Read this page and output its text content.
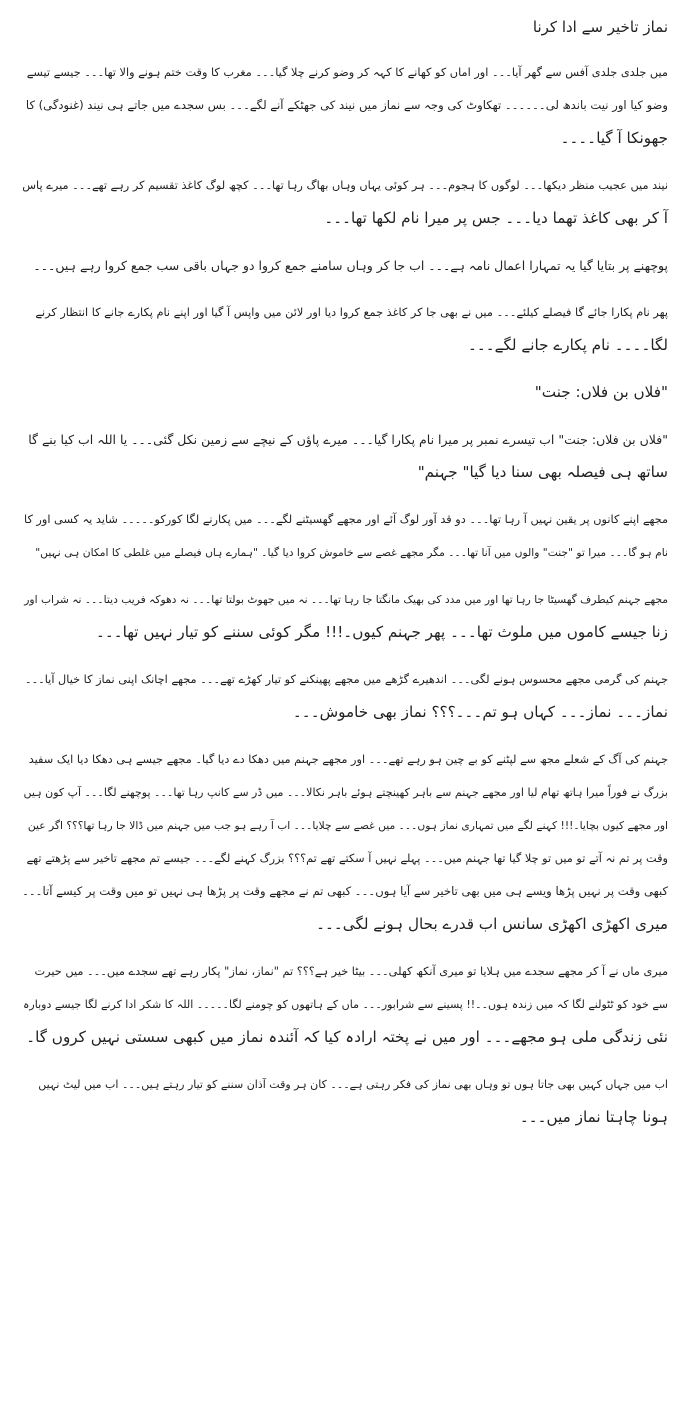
نماز تاخیر سے ادا کرنا
میں جلدی جلدی آفس سے گھر آیا۔۔۔ اور اماں کو کھانے کا کہہ کر وضو کرنے چلا گیا۔۔۔ مغرب کا وقت ختم ہونے والا تھا۔۔۔ جیسے تیسے
وضو کیا اور نیت باندھ لی۔۔۔۔۔۔ تھکاوٹ کی وجہ سے نماز میں نیند کی جھٹکے آنے لگے۔۔۔ بس سجدے میں جاتے ہی نیند (غنودگی) کا
جھونکا آ گیا۔۔۔۔
نیند میں عجیب منظر دیکھا۔۔۔ لوگوں کا ہجوم۔۔۔ ہر کوئی یہاں وہاں بھاگ رہا تھا۔۔۔ کچھ لوگ کاغذ تقسیم کر رہے تھے۔۔۔ میرے پاس
آ کر بھی کاغذ تھما دیا۔۔۔ جس پر میرا نام لکھا تھا۔۔۔
پوچھنے پر بتایا گیا یہ تمہارا اعمال نامہ ہے۔۔۔ اب جا کر وہاں سامنے جمع کروا دو جہاں باقی سب جمع کروا رہے ہیں۔۔۔
پھر نام پکارا جائے گا فیصلے کیلئے۔۔۔ میں نے بھی جا کر کاغذ جمع کروا دیا اور لائن میں واپس آ گیا اور اپنے نام پکارے جانے کا انتظار کرنے
لگا۔۔۔۔ نام پکارے جانے لگے۔۔۔
"فلاں بن فلاں: جنت"
"فلاں بن فلاں: جنت" اب تیسرے نمبر پر میرا نام پکارا گیا۔۔۔ میرے پاؤں کے نیچے سے زمین نکل گئی۔۔۔ یا اللہ اب کیا بنے گا
ساتھ ہی فیصلہ بھی سنا دیا گیا" جہنم"
مجھے اپنے کانوں پر یقین نہیں آ رہا تھا۔۔۔ دو قد آور لوگ آئے اور مجھے گھسیٹنے لگے۔۔۔ میں پکارنے لگا کورکو۔۔۔۔۔ شاید یہ کسی اور کا
نام ہو گا۔۔۔ میرا تو "جنت" والوں میں آنا تھا۔۔۔ مگر مجھے غصے سے خاموش کروا دیا گیا۔ "ہمارے ہاں فیصلے میں غلطی کا امکان ہی نہیں"
مجھے جہنم کیطرف گھسیٹا جا رہا تھا اور میں مدد کی بھیک مانگتا جا رہا تھا۔۔۔ نہ میں جھوٹ بولتا تھا۔۔۔ نہ دھوکہ فریب دیتا۔۔۔ نہ شراب اور
زنا جیسے کاموں میں ملوث تھا۔۔۔ پھر جہنم کیوں۔!!! مگر کوئی سننے کو تیار نہیں تھا۔۔۔
جہنم کی گرمی مجھے محسوس ہونے لگی۔۔۔ اندھیرے گڑھے میں مجھے پھینکنے کو تیار کھڑے تھے۔۔۔ مجھے اچانک اپنی نماز کا خیال آیا۔۔۔
نماز۔۔۔ نماز۔۔۔ کہاں ہو تم۔۔۔؟؟؟ نماز بھی خاموش۔۔۔
جہنم کی آگ کے شعلے مجھ سے لپٹنے کو بے چین ہو رہے تھے۔۔۔ اور مجھے جہنم میں دھکا دے دیا گیا۔ مجھے جیسے ہی دھکا دیا ایک سفید
بزرگ نے فوراً میرا ہاتھ تھام لیا اور مجھے جہنم سے باہر کھینچتے ہوئے باہر نکالا۔۔۔ میں ڈر سے کانپ رہا تھا۔۔۔ پوچھنے لگا۔۔۔ آپ کون ہیں
اور مجھے کیوں بچایا۔!!! کہنے لگے میں تمہاری نماز ہوں۔۔۔ میں غصے سے چلایا۔۔۔ اب آ رہے ہو جب میں جہنم میں ڈالا جا رہا تھا؟؟؟ اگر عین
وقت پر تم نہ آتے تو میں تو چلا گیا تھا جہنم میں۔۔۔ پہلے نہیں آ سکتے تھے تم؟؟؟ بزرگ کہنے لگے۔۔۔ جیسے تم مجھے تاخیر سے پڑھتے تھے
کبھی وقت پر نہیں پڑھا ویسے ہی میں بھی تاخیر سے آیا ہوں۔۔۔ کبھی تم نے مجھے وقت پر پڑھا ہی نہیں تو میں وقت پر کیسے آتا۔۔۔
میری اکھڑی اکھڑی سانس اب قدرے بحال ہونے لگی۔۔۔
میری ماں نے آ کر مجھے سجدے میں ہلایا تو میری آنکھ کھلی۔۔۔ بیٹا خیر ہے؟؟؟ تم "نماز، نماز" پکار رہے تھے سجدے میں۔۔۔ میں حیرت
سے خود کو ٹٹولنے لگا کہ میں زندہ ہوں۔۔!! پسینے سے شرابور۔۔۔ ماں کے ہاتھوں کو چومنے لگا۔۔۔۔۔ اللہ کا شکر ادا کرنے لگا جیسے دوبارہ
نئی زندگی ملی ہو مجھے۔۔۔ اور میں نے پختہ ارادہ کیا کہ آئندہ نماز میں کبھی سستی نہیں کروں گا۔
اب میں جہاں کہیں بھی جاتا ہوں تو وہاں بھی نماز کی فکر رہتی ہے۔۔۔ کان ہر وقت آذان سننے کو تیار رہتے ہیں۔۔۔ اب میں لیٹ نہیں
ہونا چاہتا نماز میں۔۔۔
